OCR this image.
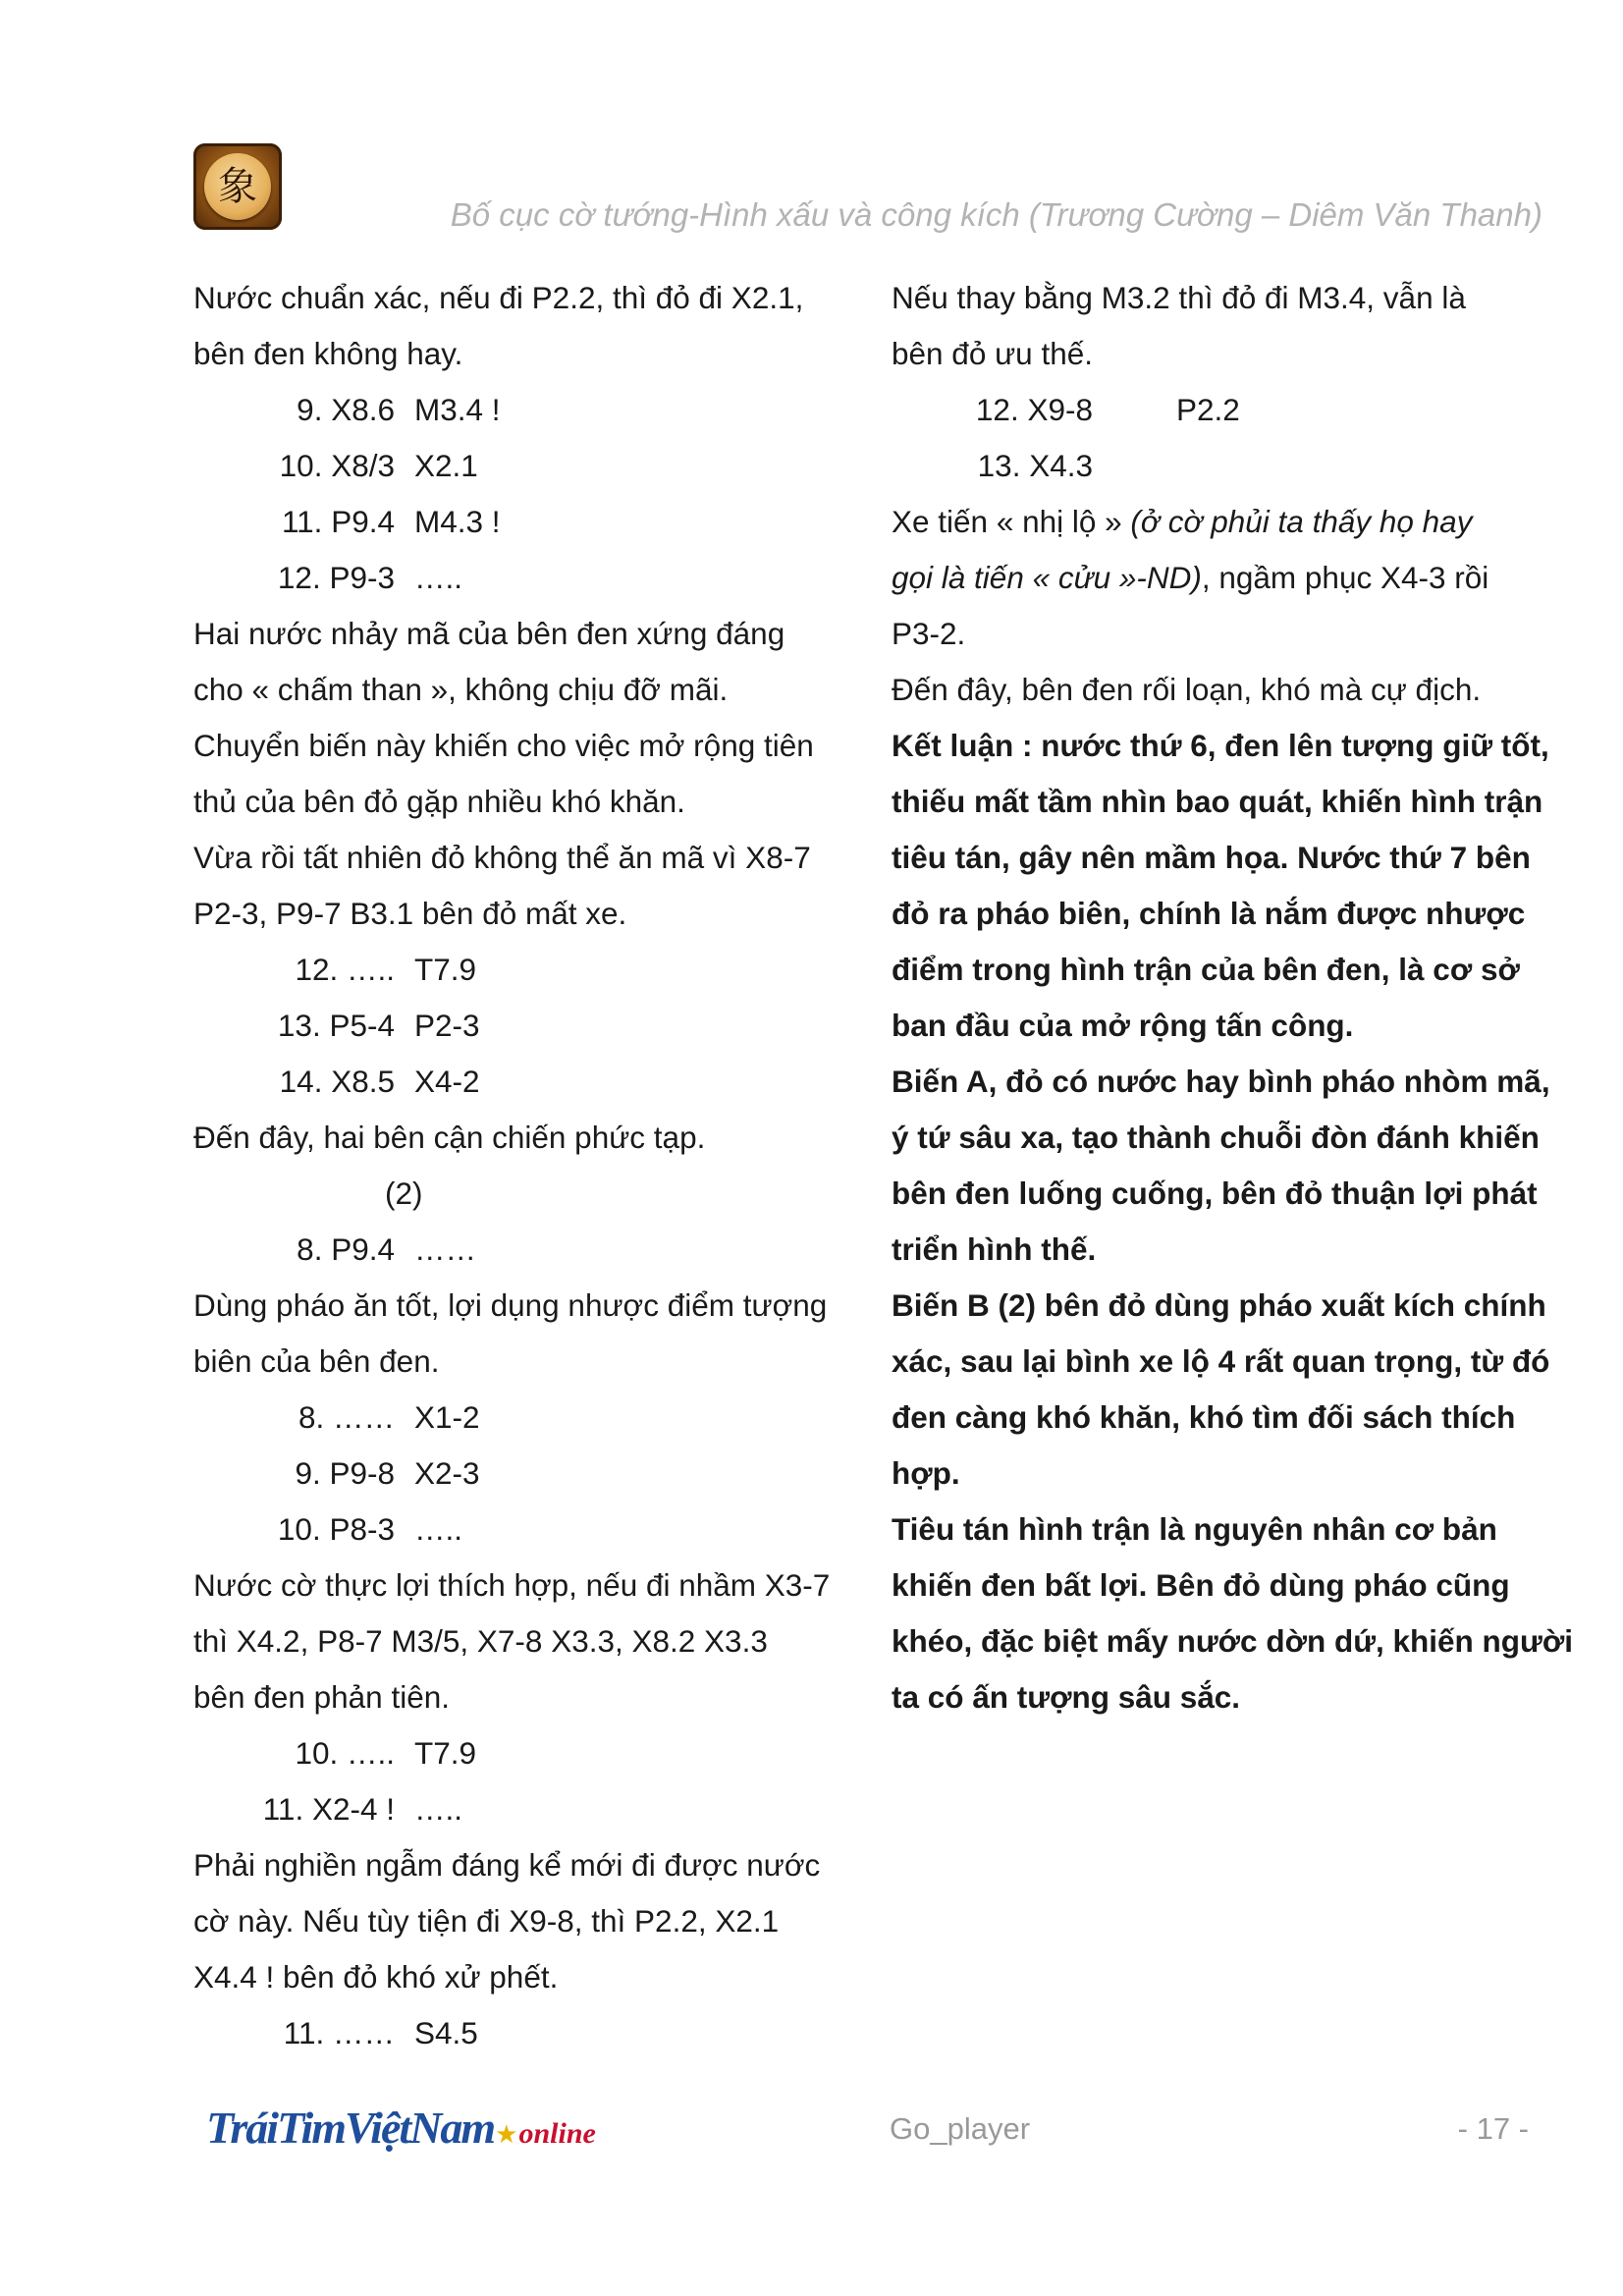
象
Bố cục cờ tướng-Hình xấu và công kích (Trương Cường – Diêm Văn Thanh)

Nước chuẩn xác, nếu đi P2.2, thì đỏ đi X2.1,

bên đen không hay.

9. X8.6 M3.4 !
10. X8/3 X2.1
11. P9.4 M4.3 !
12. P9-3 …..

Hai nước nhảy mã của bên đen xứng đáng

cho « chấm than », không chịu đỡ mãi.

Chuyển biến này khiến cho việc mở rộng tiên

thủ của bên đỏ gặp nhiều khó khăn.

Vừa rồi tất nhiên đỏ không thể ăn mã vì X8-7

P2-3, P9-7 B3.1 bên đỏ mất xe.

12. ….. T7.9
13. P5-4 P2-3
14. X8.5 X4-2

Đến đây, hai bên cận chiến phức tạp.

(2)

8. P9.4 ……

Dùng pháo ăn tốt, lợi dụng nhược điểm tượng

biên của bên đen.

8. …… X1-2
9. P9-8 X2-3
10. P8-3 …..

Nước cờ thực lợi thích hợp, nếu đi nhầm X3-7

thì X4.2, P8-7 M3/5, X7-8 X3.3, X8.2 X3.3

bên đen phản tiên.

10. ….. T7.9
11. X2-4 ! …..

Phải nghiền ngẫm đáng kể mới đi được nước

cờ này. Nếu tùy tiện đi X9-8, thì P2.2, X2.1

X4.4 ! bên đỏ khó xử phết.

11. …… S4.5

Nếu thay bằng M3.2 thì đỏ đi M3.4, vẫn là

bên đỏ ưu thế.

12. X9-8	P2.2
13. X4.3

Xe tiến « nhị lộ » (ở cờ phủi ta thấy họ hay

gọi là tiến « cửu »-ND), ngầm phục X4-3 rồi

P3-2.

Đến đây, bên đen rối loạn, khó mà cự địch.

Kết luận : nước thứ 6, đen lên tượng giữ tốt,

thiếu mất tầm nhìn bao quát, khiến hình trận

tiêu tán, gây nên mầm họa. Nước thứ 7 bên

đỏ ra pháo biên, chính là nắm được nhược

điểm trong hình trận của bên đen, là cơ sở

ban đầu của mở rộng tấn công.

Biến A, đỏ có nước hay bình pháo nhòm mã,

ý tứ sâu xa, tạo thành chuỗi đòn đánh khiến

bên đen luống cuống, bên đỏ thuận lợi phát

triển hình thế.

Biến B (2) bên đỏ dùng pháo xuất kích chính

xác, sau lại bình xe lộ 4 rất quan trọng, từ đó

đen càng khó khăn, khó tìm đối sách thích

hợp.

Tiêu tán hình trận là nguyên nhân cơ bản

khiến đen bất lợi. Bên đỏ dùng pháo cũng

khéo, đặc biệt mấy nước dờn dứ, khiến người

ta có ấn tượng sâu sắc.

TráiTimViệtNam ★ online	Go_player	- 17 -
